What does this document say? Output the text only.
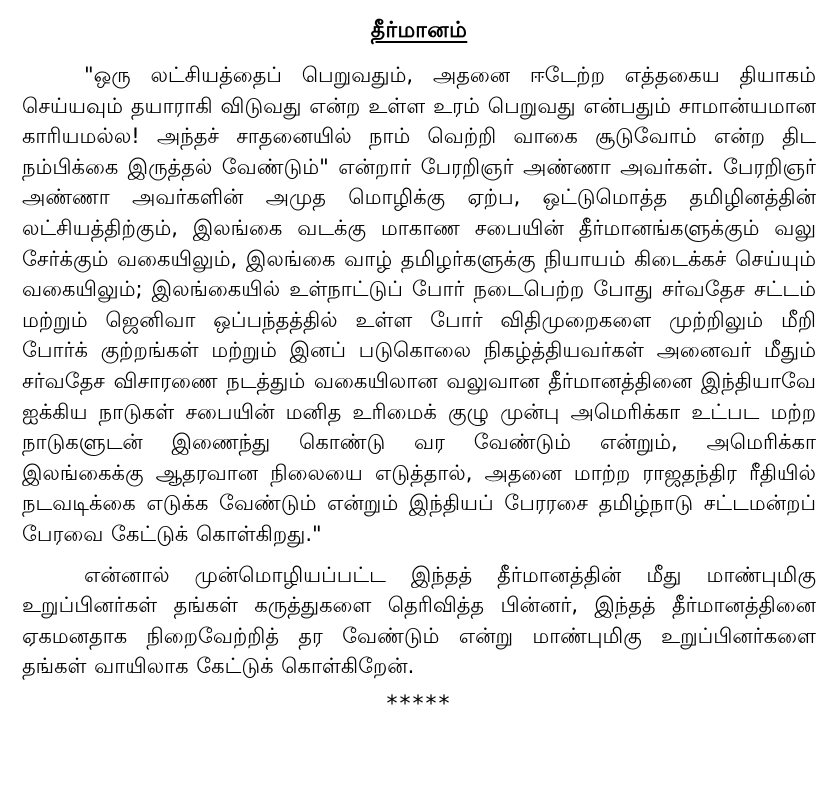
தீர்மானம்

"ஒரு லட்சியத்தைப் பெறுவதும், அதனை ஈடேற்ற எத்தகைய தியாகம் செய்யவும் தயாராகி விடுவது என்ற உள்ள உரம் பெறுவது என்பதும் சாமான்யமான காரியமல்ல! அந்தச் சாதனையில் நாம் வெற்றி வாகை சூடுவோம் என்ற திட நம்பிக்கை இருத்தல் வேண்டும்" என்றார் பேரறிஞர் அண்ணா அவர்கள். பேரறிஞர் அண்ணா அவர்களின் அமுத மொழிக்கு ஏற்ப, ஒட்டுமொத்த தமிழினத்தின் லட்சியத்திற்கும், இலங்கை வடக்கு மாகாண சபையின் தீர்மானங்களுக்கும் வலு சேர்க்கும் வகையிலும், இலங்கை வாழ் தமிழர்களுக்கு நியாயம் கிடைக்கச் செய்யும் வகையிலும்; இலங்கையில் உள்நாட்டுப் போர் நடைபெற்ற போது சர்வதேச சட்டம் மற்றும் ஜெனிவா ஒப்பந்தத்தில் உள்ள போர் விதிமுறைகளை முற்றிலும் மீறி போர்க் குற்றங்கள் மற்றும் இனப் படுகொலை நிகழ்த்தியவர்கள் அனைவர் மீதும் சர்வதேச விசாரணை நடத்தும் வகையிலான வலுவான தீர்மானத்தினை இந்தியாவே ஐக்கிய நாடுகள் சபையின் மனித உரிமைக் குழு முன்பு அமெரிக்கா உட்பட மற்ற நாடுகளுடன் இணைந்து கொண்டு வர வேண்டும் என்றும், அமெரிக்கா இலங்கைக்கு ஆதரவான நிலையை எடுத்தால், அதனை மாற்ற ராஜதந்திர ரீதியில் நடவடிக்கை எடுக்க வேண்டும் என்றும் இந்தியப் பேரரசை தமிழ்நாடு சட்டமன்றப் பேரவை கேட்டுக் கொள்கிறது."

என்னால் முன்மொழியப்பட்ட இந்தத் தீர்மானத்தின் மீது மாண்புமிகு உறுப்பினர்கள் தங்கள் கருத்துகளை தெரிவித்த பின்னர், இந்தத் தீர்மானத்தினை ஏகமனதாக நிறைவேற்றித் தர வேண்டும் என்று மாண்புமிகு உறுப்பினர்களை தங்கள் வாயிலாக கேட்டுக் கொள்கிறேன்.

*****
